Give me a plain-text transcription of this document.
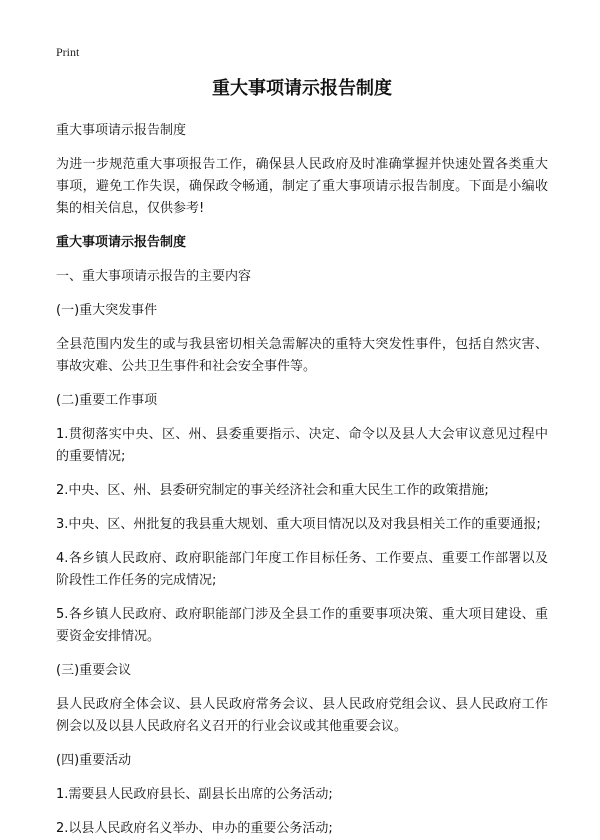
Print
重大事项请示报告制度

重大事项请示报告制度

为进一步规范重大事项报告工作，确保县人民政府及时准确掌握并快速处置各类重大事项，避免工作失误，确保政令畅通，制定了重大事项请示报告制度。下面是小编收集的相关信息，仅供参考!

重大事项请示报告制度

一、重大事项请示报告的主要内容

(一)重大突发事件

全县范围内发生的或与我县密切相关急需解决的重特大突发性事件，包括自然灾害、事故灾难、公共卫生事件和社会安全事件等。

(二)重要工作事项

1.贯彻落实中央、区、州、县委重要指示、决定、命令以及县人大会审议意见过程中的重要情况;

2.中央、区、州、县委研究制定的事关经济社会和重大民生工作的政策措施;

3.中央、区、州批复的我县重大规划、重大项目情况以及对我县相关工作的重要通报;

4.各乡镇人民政府、政府职能部门年度工作目标任务、工作要点、重要工作部署以及阶段性工作任务的完成情况;

5.各乡镇人民政府、政府职能部门涉及全县工作的重要事项决策、重大项目建设、重要资金安排情况。

(三)重要会议

县人民政府全体会议、县人民政府常务会议、县人民政府党组会议、县人民政府工作例会以及以县人民政府名义召开的行业会议或其他重要会议。

(四)重要活动

1.需要县人民政府县长、副县长出席的公务活动;

2.以县人民政府名义举办、申办的重要公务活动;
